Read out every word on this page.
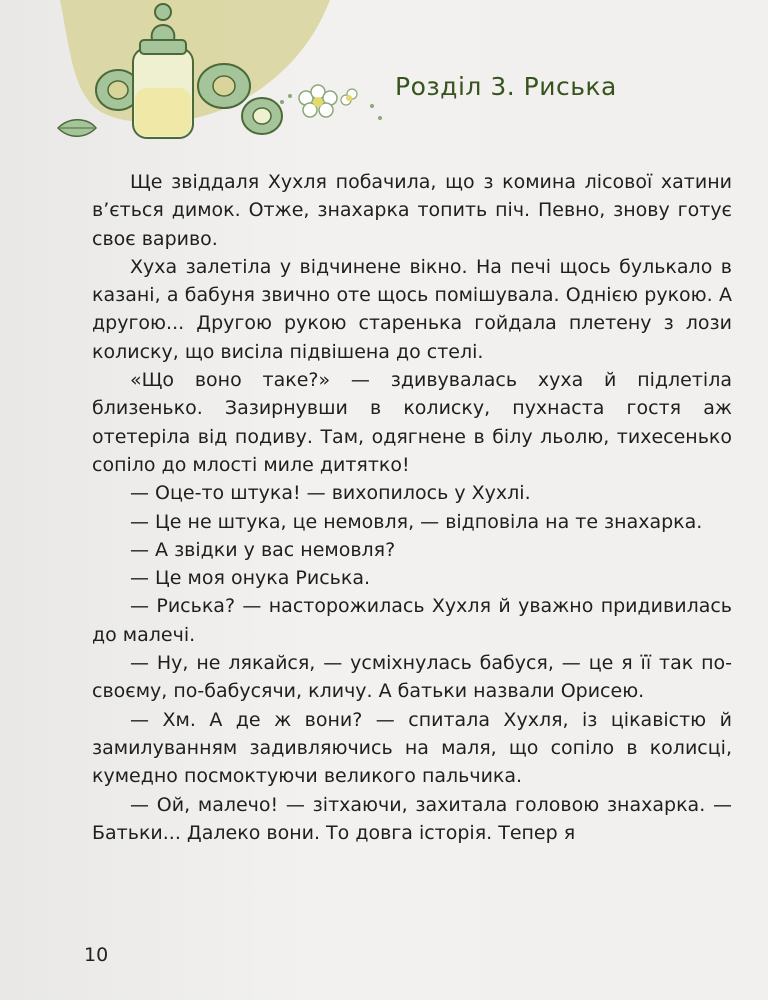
Розділ 3. Риська

Ще звіддаля Хухля побачила, що з комина лісової хатини в’ється димок. Отже, знахарка топить піч. Певно, знову готує своє вариво.

Хуха залетіла у відчинене вікно. На печі щось булькало в казані, а бабуня звично оте щось помішувала. Однією рукою. А другою... Другою рукою старенька гойдала плетену з лози колиску, що висіла підвішена до стелі.

«Що воно таке?» — здивувалась хуха й підлетіла близенько. Зазирнувши в колиску, пухнаста гостя аж отетеріла від подиву. Там, одягнене в білу льолю, тихесенько сопіло до млості миле дитятко!

— Оце-то штука! — вихопилось у Хухлі.

— Це не штука, це немовля, — відповіла на те знахарка.

— А звідки у вас немовля?

— Це моя онука Риська.

— Риська? — насторожилась Хухля й уважно придивилась до малечі.

— Ну, не лякайся, — усміхнулась бабуся, — це я її так по-своєму, по-бабусячи, кличу. А батьки назвали Орисею.

— Хм. А де ж вони? — спитала Хухля, із цікавістю й замилуванням задивляючись на маля, що сопіло в колисці, кумедно посмоктуючи великого пальчика.

— Ой, малечо! — зітхаючи, захитала головою знахарка. — Батьки... Далеко вони. То довга історія. Тепер я

10
